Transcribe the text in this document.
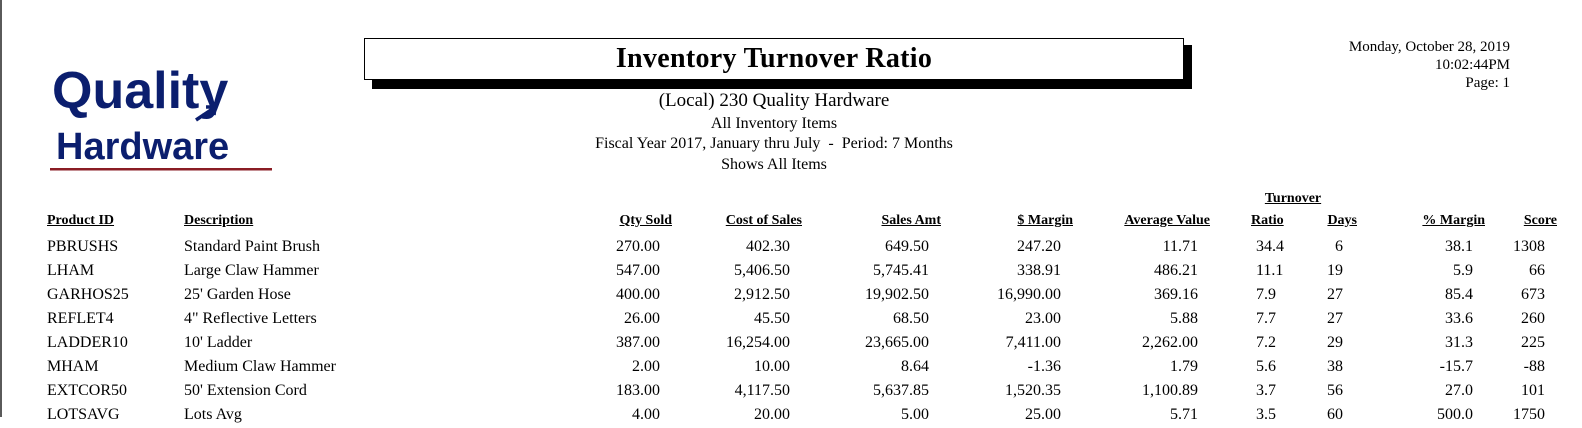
Quality
Hardware
Inventory Turnover Ratio
(Local) 230 Quality Hardware
All Inventory Items
Fiscal Year 2017, January thru July  -  Period: 7 Months
Shows All Items
Monday, October 28, 2019
10:02:44PM
Page: 1
Turnover
Product ID	Description	Qty Sold	Cost of Sales	Sales Amt	$ Margin	Average Value	Ratio	Days	% Margin	Score
PBRUSHS	Standard Paint Brush	270.00	402.30	649.50	247.20	11.71	34.4	6	38.1	1308
LHAM	Large Claw Hammer	547.00	5,406.50	5,745.41	338.91	486.21	11.1	19	5.9	66
GARHOS25	25' Garden Hose	400.00	2,912.50	19,902.50	16,990.00	369.16	7.9	27	85.4	673
REFLET4	4" Reflective Letters	26.00	45.50	68.50	23.00	5.88	7.7	27	33.6	260
LADDER10	10' Ladder	387.00	16,254.00	23,665.00	7,411.00	2,262.00	7.2	29	31.3	225
MHAM	Medium Claw Hammer	2.00	10.00	8.64	-1.36	1.79	5.6	38	-15.7	-88
EXTCOR50	50' Extension Cord	183.00	4,117.50	5,637.85	1,520.35	1,100.89	3.7	56	27.0	101
LOTSAVG	Lots Avg	4.00	20.00	5.00	25.00	5.71	3.5	60	500.0	1750
